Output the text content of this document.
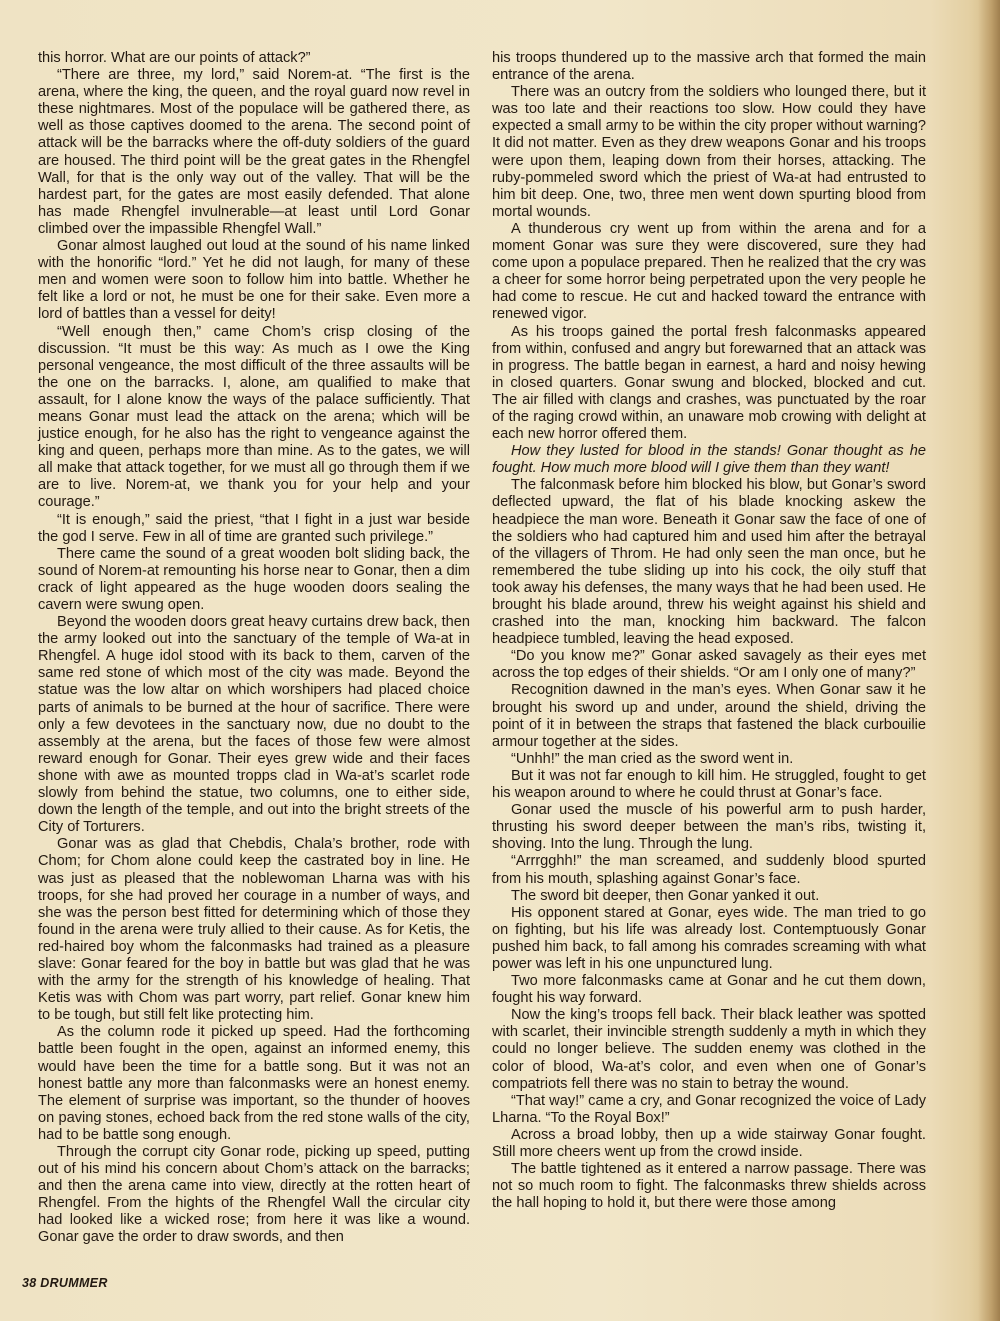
this horror. What are our points of attack?”

“There are three, my lord,” said Norem-at. “The first is the arena, where the king, the queen, and the royal guard now revel in these nightmares. Most of the populace will be gathered there, as well as those captives doomed to the arena. The second point of attack will be the barracks where the off-duty soldiers of the guard are housed. The third point will be the great gates in the Rhengfel Wall, for that is the only way out of the valley. That will be the hardest part, for the gates are most easily defended. That alone has made Rhengfel invulnerable—at least until Lord Gonar climbed over the impassible Rhengfel Wall.”

Gonar almost laughed out loud at the sound of his name linked with the honorific “lord.” Yet he did not laugh, for many of these men and women were soon to follow him into battle. Whether he felt like a lord or not, he must be one for their sake. Even more a lord of battles than a vessel for deity!

“Well enough then,” came Chom’s crisp closing of the discussion. “It must be this way: As much as I owe the King personal vengeance, the most difficult of the three assaults will be the one on the barracks. I, alone, am qualified to make that assault, for I alone know the ways of the palace sufficiently. That means Gonar must lead the attack on the arena; which will be justice enough, for he also has the right to vengeance against the king and queen, perhaps more than mine. As to the gates, we will all make that attack together, for we must all go through them if we are to live. Norem-at, we thank you for your help and your courage.”

“It is enough,” said the priest, “that I fight in a just war beside the god I serve. Few in all of time are granted such privilege.”

There came the sound of a great wooden bolt sliding back, the sound of Norem-at remounting his horse near to Gonar, then a dim crack of light appeared as the huge wooden doors sealing the cavern were swung open.

Beyond the wooden doors great heavy curtains drew back, then the army looked out into the sanctuary of the temple of Wa-at in Rhengfel. A huge idol stood with its back to them, carven of the same red stone of which most of the city was made. Beyond the statue was the low altar on which worshipers had placed choice parts of animals to be burned at the hour of sacrifice. There were only a few devotees in the sanctuary now, due no doubt to the assembly at the arena, but the faces of those few were almost reward enough for Gonar. Their eyes grew wide and their faces shone with awe as mounted tropps clad in Wa-at’s scarlet rode slowly from behind the statue, two columns, one to either side, down the length of the temple, and out into the bright streets of the City of Torturers.

Gonar was as glad that Chebdis, Chala’s brother, rode with Chom; for Chom alone could keep the castrated boy in line. He was just as pleased that the noblewoman Lharna was with his troops, for she had proved her courage in a number of ways, and she was the person best fitted for determining which of those they found in the arena were truly allied to their cause. As for Ketis, the red-haired boy whom the falconmasks had trained as a pleasure slave: Gonar feared for the boy in battle but was glad that he was with the army for the strength of his knowledge of healing. That Ketis was with Chom was part worry, part relief. Gonar knew him to be tough, but still felt like protecting him.

As the column rode it picked up speed. Had the forthcoming battle been fought in the open, against an informed enemy, this would have been the time for a battle song. But it was not an honest battle any more than falconmasks were an honest enemy. The element of surprise was important, so the thunder of hooves on paving stones, echoed back from the red stone walls of the city, had to be battle song enough.

Through the corrupt city Gonar rode, picking up speed, putting out of his mind his concern about Chom’s attack on the barracks; and then the arena came into view, directly at the rotten heart of Rhengfel. From the hights of the Rhengfel Wall the circular city had looked like a wicked rose; from here it was like a wound. Gonar gave the order to draw swords, and then

his troops thundered up to the massive arch that formed the main entrance of the arena.

There was an outcry from the soldiers who lounged there, but it was too late and their reactions too slow. How could they have expected a small army to be within the city proper without warning? It did not matter. Even as they drew weapons Gonar and his troops were upon them, leaping down from their horses, attacking. The ruby-pommeled sword which the priest of Wa-at had entrusted to him bit deep. One, two, three men went down spurting blood from mortal wounds.

A thunderous cry went up from within the arena and for a moment Gonar was sure they were discovered, sure they had come upon a populace prepared. Then he realized that the cry was a cheer for some horror being perpetrated upon the very people he had come to rescue. He cut and hacked toward the entrance with renewed vigor.

As his troops gained the portal fresh falconmasks appeared from within, confused and angry but forewarned that an attack was in progress. The battle began in earnest, a hard and noisy hewing in closed quarters. Gonar swung and blocked, blocked and cut. The air filled with clangs and crashes, was punctuated by the roar of the raging crowd within, an unaware mob crowing with delight at each new horror offered them.

How they lusted for blood in the stands! Gonar thought as he fought. How much more blood will I give them than they want!

The falconmask before him blocked his blow, but Gonar’s sword deflected upward, the flat of his blade knocking askew the headpiece the man wore. Beneath it Gonar saw the face of one of the soldiers who had captured him and used him after the betrayal of the villagers of Throm. He had only seen the man once, but he remembered the tube sliding up into his cock, the oily stuff that took away his defenses, the many ways that he had been used. He brought his blade around, threw his weight against his shield and crashed into the man, knocking him backward. The falcon headpiece tumbled, leaving the head exposed.

“Do you know me?” Gonar asked savagely as their eyes met across the top edges of their shields. “Or am I only one of many?”

Recognition dawned in the man’s eyes. When Gonar saw it he brought his sword up and under, around the shield, driving the point of it in between the straps that fastened the black curbouilie armour together at the sides.

“Unhh!” the man cried as the sword went in.

But it was not far enough to kill him. He struggled, fought to get his weapon around to where he could thrust at Gonar’s face.

Gonar used the muscle of his powerful arm to push harder, thrusting his sword deeper between the man’s ribs, twisting it, shoving. Into the lung. Through the lung.

“Arrrgghh!” the man screamed, and suddenly blood spurted from his mouth, splashing against Gonar’s face.

The sword bit deeper, then Gonar yanked it out.

His opponent stared at Gonar, eyes wide. The man tried to go on fighting, but his life was already lost. Contemptuously Gonar pushed him back, to fall among his comrades screaming with what power was left in his one unpunctured lung.

Two more falconmasks came at Gonar and he cut them down, fought his way forward.

Now the king’s troops fell back. Their black leather was spotted with scarlet, their invincible strength suddenly a myth in which they could no longer believe. The sudden enemy was clothed in the color of blood, Wa-at’s color, and even when one of Gonar’s compatriots fell there was no stain to betray the wound.

“That way!” came a cry, and Gonar recognized the voice of Lady Lharna. “To the Royal Box!”

Across a broad lobby, then up a wide stairway Gonar fought. Still more cheers went up from the crowd inside.

The battle tightened as it entered a narrow passage. There was not so much room to fight. The falconmasks threw shields across the hall hoping to hold it, but there were those among

38 DRUMMER
